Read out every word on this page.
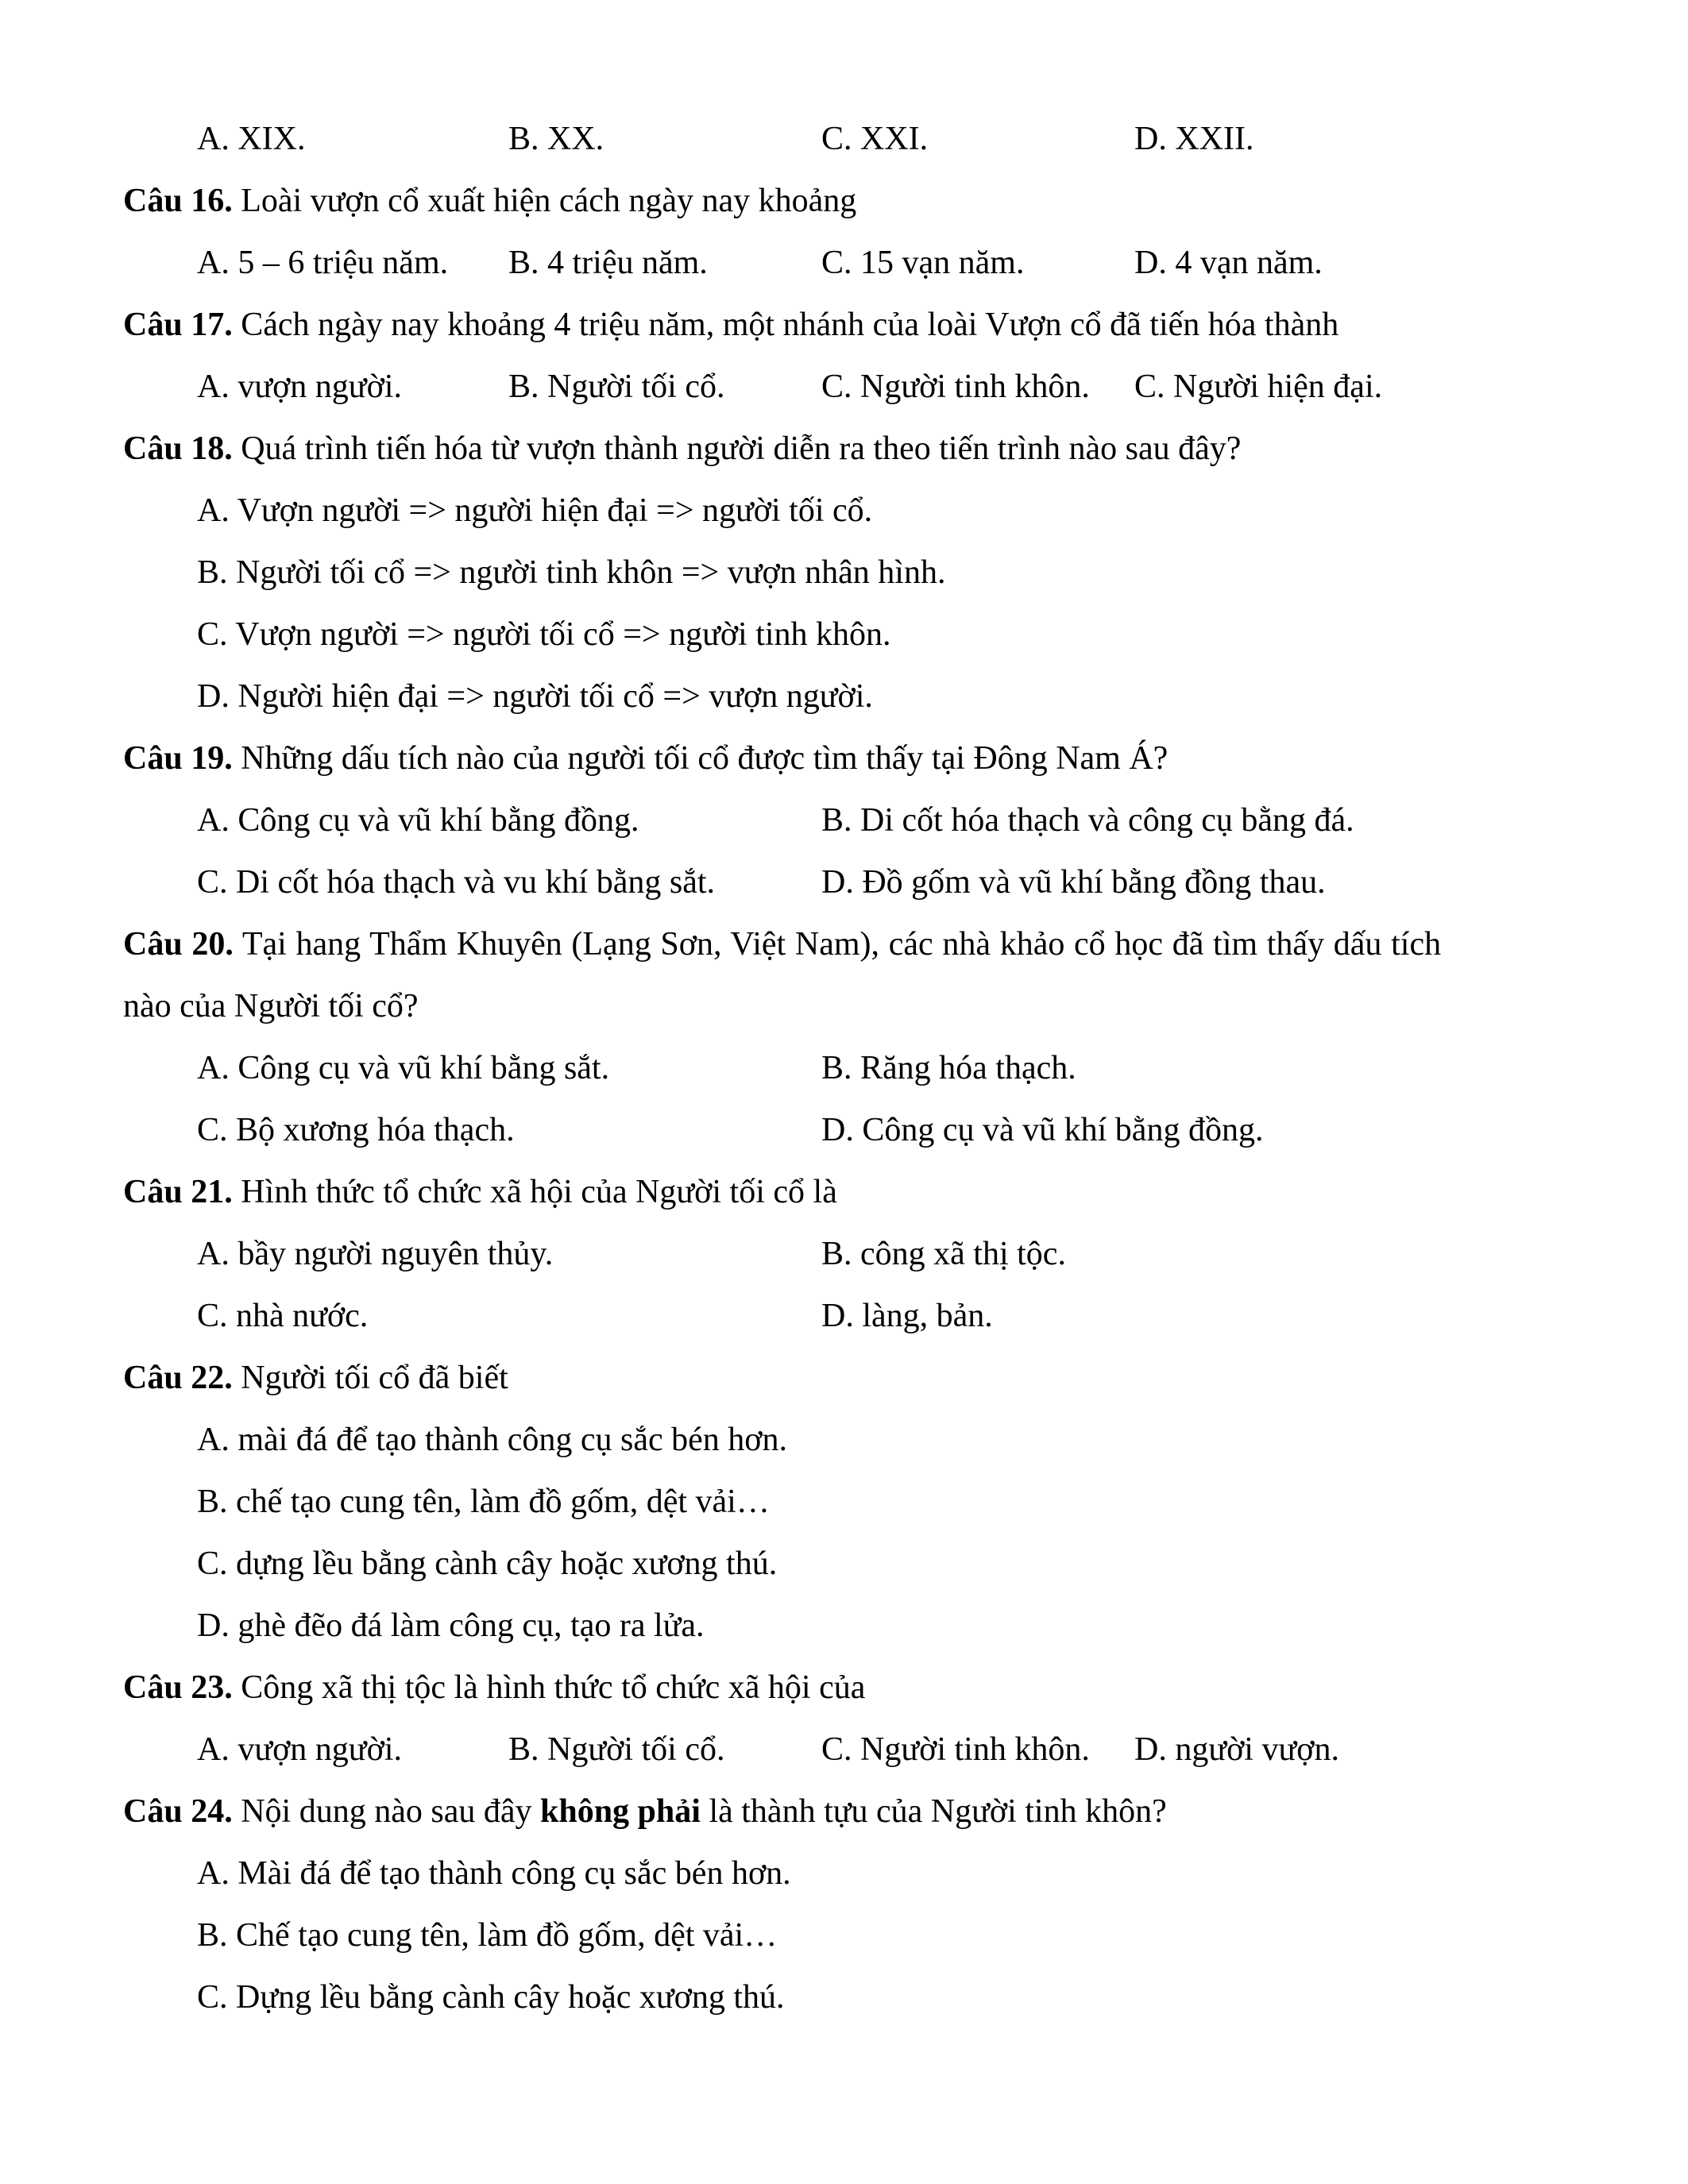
A. XIX.	B. XX.	C. XXI.	D. XXII.
Câu 16. Loài vượn cổ xuất hiện cách ngày nay khoảng
A. 5 – 6 triệu năm. B. 4 triệu năm.	C. 15 vạn năm.	D. 4 vạn năm.
Câu 17. Cách ngày nay khoảng 4 triệu năm, một nhánh của loài Vượn cổ đã tiến hóa thành
A. vượn người.	B. Người tối cổ.	C. Người tinh khôn. C. Người hiện đại.
Câu 18. Quá trình tiến hóa từ vượn thành người diễn ra theo tiến trình nào sau đây?
A. Vượn người => người hiện đại => người tối cổ.
B. Người tối cổ => người tinh khôn => vượn nhân hình.
C. Vượn người => người tối cổ => người tinh khôn.
D. Người hiện đại => người tối cổ => vượn người.
Câu 19. Những dấu tích nào của người tối cổ được tìm thấy tại Đông Nam Á?
A. Công cụ và vũ khí bằng đồng.	B. Di cốt hóa thạch và công cụ bằng đá.
C. Di cốt hóa thạch và vu khí bằng sắt.	D. Đồ gốm và vũ khí bằng đồng thau.
Câu 20. Tại hang Thẩm Khuyên (Lạng Sơn, Việt Nam), các nhà khảo cổ học đã tìm thấy dấu tích
nào của Người tối cổ?
A. Công cụ và vũ khí bằng sắt.	B. Răng hóa thạch.
C. Bộ xương hóa thạch.	D. Công cụ và vũ khí bằng đồng.
Câu 21. Hình thức tổ chức xã hội của Người tối cổ là
A. bầy người nguyên thủy.	B. công xã thị tộc.
C. nhà nước.	D. làng, bản.
Câu 22. Người tối cổ đã biết
A. mài đá để tạo thành công cụ sắc bén hơn.
B. chế tạo cung tên, làm đồ gốm, dệt vải…
C. dựng lều bằng cành cây hoặc xương thú.
D. ghè đẽo đá làm công cụ, tạo ra lửa.
Câu 23. Công xã thị tộc là hình thức tổ chức xã hội của
A. vượn người.	B. Người tối cổ.	C. Người tinh khôn. D. người vượn.
Câu 24. Nội dung nào sau đây không phải là thành tựu của Người tinh khôn?
A. Mài đá để tạo thành công cụ sắc bén hơn.
B. Chế tạo cung tên, làm đồ gốm, dệt vải…
C. Dựng lều bằng cành cây hoặc xương thú.
